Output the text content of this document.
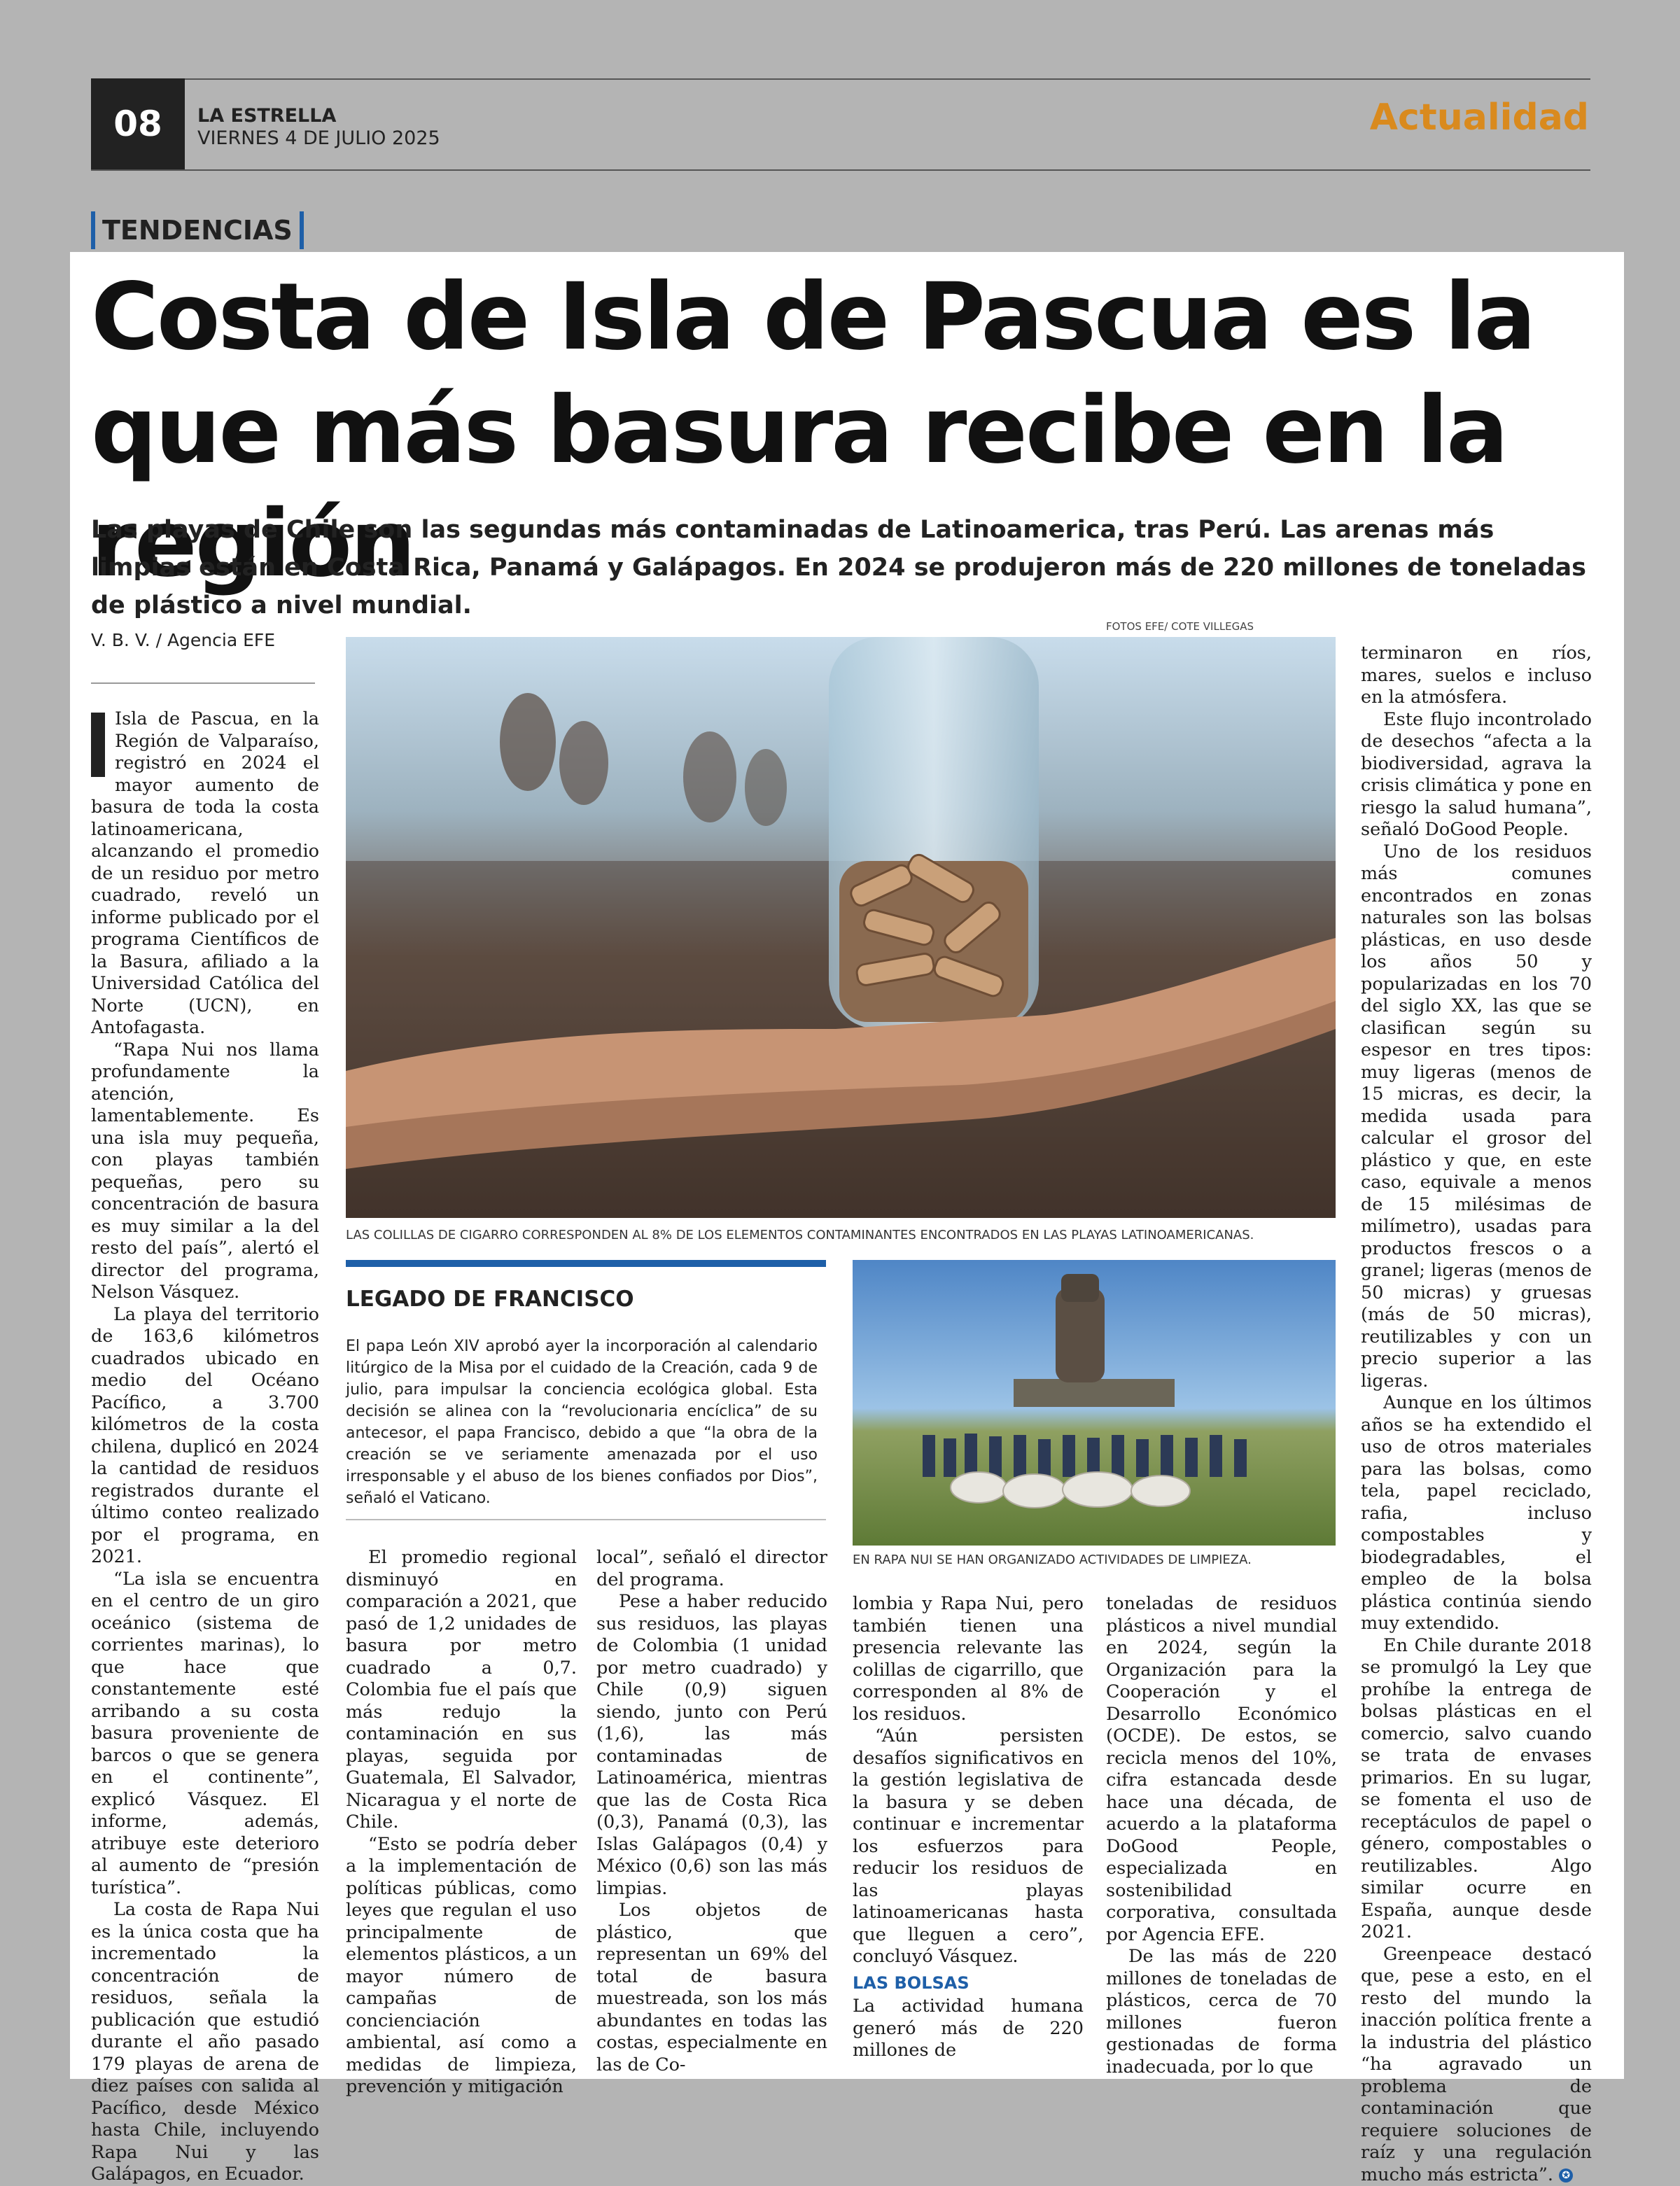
08	LA ESTRELLA
VIERNES 4 DE JULIO 2025	Actualidad
TENDENCIAS
Costa de Isla de Pascua es la que más basura recibe en la región

Las playas de Chile son las segundas más contaminadas de Latinoamerica, tras Perú. Las arenas más limpias están en Costa Rica, Panamá y Galápagos. En 2024 se produjeron más de 220 millones de toneladas de plástico a nivel mundial.

V. B. V. / Agencia EFE

Isla de Pascua, en la Región de Valparaíso, registró en 2024 el mayor aumento de basura de toda la costa latinoamericana, alcanzando el promedio de un residuo por metro cuadrado, reveló un informe publicado por el programa Científicos de la Basura, afiliado a la Universidad Católica del Norte (UCN), en Antofagasta.

“Rapa Nui nos llama profundamente la atención, lamentablemente. Es una isla muy pequeña, con playas también pequeñas, pero su concentración de basura es muy similar a la del resto del país”, alertó el director del programa, Nelson Vásquez.

La playa del territorio de 163,6 kilómetros cuadrados ubicado en medio del Océano Pacífico, a 3.700 kilómetros de la costa chilena, duplicó en 2024 la cantidad de residuos registrados durante el último conteo realizado por el programa, en 2021.

“La isla se encuentra en el centro de un giro oceánico (sistema de corrientes marinas), lo que hace que constantemente esté arribando a su costa basura proveniente de barcos o que se genera en el continente”, explicó Vásquez. El informe, además, atribuye este deterioro al aumento de “presión turística”.

La costa de Rapa Nui es la única costa que ha incrementado la concentración de residuos, señala la publicación que estudió durante el año pasado 179 playas de arena de diez países con salida al Pacífico, desde México hasta Chile, incluyendo Rapa Nui y las Galápagos, en Ecuador.

FOTOS EFE/ COTE VILLEGAS
LAS COLILLAS DE CIGARRO CORRESPONDEN AL 8% DE LOS ELEMENTOS CONTAMINANTES ENCONTRADOS EN LAS PLAYAS LATINOAMERICANAS.
LEGADO DE FRANCISCO

El papa León XIV aprobó ayer la incorporación al calendario litúrgico de la Misa por el cuidado de la Creación, cada 9 de julio, para impulsar la conciencia ecológica global. Esta decisión se alinea con la “revolucionaria encíclica” de su antecesor, el papa Francisco, debido a que “la obra de la creación se ve seriamente amenazada por el uso irresponsable y el abuso de los bienes confiados por Dios”, señaló el Vaticano.

EN RAPA NUI SE HAN ORGANIZADO ACTIVIDADES DE LIMPIEZA.

El promedio regional disminuyó en comparación a 2021, que pasó de 1,2 unidades de basura por metro cuadrado a 0,7. Colombia fue el país que más redujo la contaminación en sus playas, seguida por Guatemala, El Salvador, Nicaragua y el norte de Chile.

“Esto se podría deber a la implementación de políticas públicas, como leyes que regulan el uso principalmente de elementos plásticos, a un mayor número de campañas de concienciación ambiental, así como a medidas de limpieza, prevención y mitigación

local”, señaló el director del programa.

Pese a haber reducido sus residuos, las playas de Colombia (1 unidad por metro cuadrado) y Chile (0,9) siguen siendo, junto con Perú (1,6), las más contaminadas de Latinoamérica, mientras que las de Costa Rica (0,3), Panamá (0,3), las Islas Galápagos (0,4) y México (0,6) son las más limpias.

Los objetos de plástico, que representan un 69% del total de basura muestreada, son los más abundantes en todas las costas, especialmente en las de Co-

lombia y Rapa Nui, pero también tienen una presencia relevante las colillas de cigarrillo, que corresponden al 8% de los residuos.

“Aún persisten desafíos significativos en la gestión legislativa de la basura y se deben continuar e incrementar los esfuerzos para reducir los residuos de las playas latinoamericanas hasta que lleguen a cero”, concluyó Vásquez.

LAS BOLSAS

La actividad humana generó más de 220 millones de

toneladas de residuos plásticos a nivel mundial en 2024, según la Organización para la Cooperación y el Desarrollo Económico (OCDE). De estos, se recicla menos del 10%, cifra estancada desde hace una década, de acuerdo a la plataforma DoGood People, especializada en sostenibilidad corporativa, consultada por Agencia EFE.

De las más de 220 millones de toneladas de plásticos, cerca de 70 millones fueron gestionadas de forma inadecuada, por lo que

terminaron en ríos, mares, suelos e incluso en la atmósfera.

Este flujo incontrolado de desechos “afecta a la biodiversidad, agrava la crisis climática y pone en riesgo la salud humana”, señaló DoGood People.

Uno de los residuos más comunes encontrados en zonas naturales son las bolsas plásticas, en uso desde los años 50 y popularizadas en los 70 del siglo XX, las que se clasifican según su espesor en tres tipos: muy ligeras (menos de 15 micras, es decir, la medida usada para calcular el grosor del plástico y que, en este caso, equivale a menos de 15 milésimas de milímetro), usadas para productos frescos o a granel; ligeras (menos de 50 micras) y gruesas (más de 50 micras), reutilizables y con un precio superior a las ligeras.

Aunque en los últimos años se ha extendido el uso de otros materiales para las bolsas, como tela, papel reciclado, rafia, incluso compostables y biodegradables, el empleo de la bolsa plástica continúa siendo muy extendido.

En Chile durante 2018 se promulgó la Ley que prohíbe la entrega de bolsas plásticas en el comercio, salvo cuando se trata de envases primarios. En su lugar, se fomenta el uso de receptáculos de papel o género, compostables o reutilizables. Algo similar ocurre en España, aunque desde 2021.

Greenpeace destacó que, pese a esto, en el resto del mundo la inacción política frente a la industria del plástico “ha agravado un problema de contaminación que requiere soluciones de raíz y una regulación mucho más estricta”. ✪
